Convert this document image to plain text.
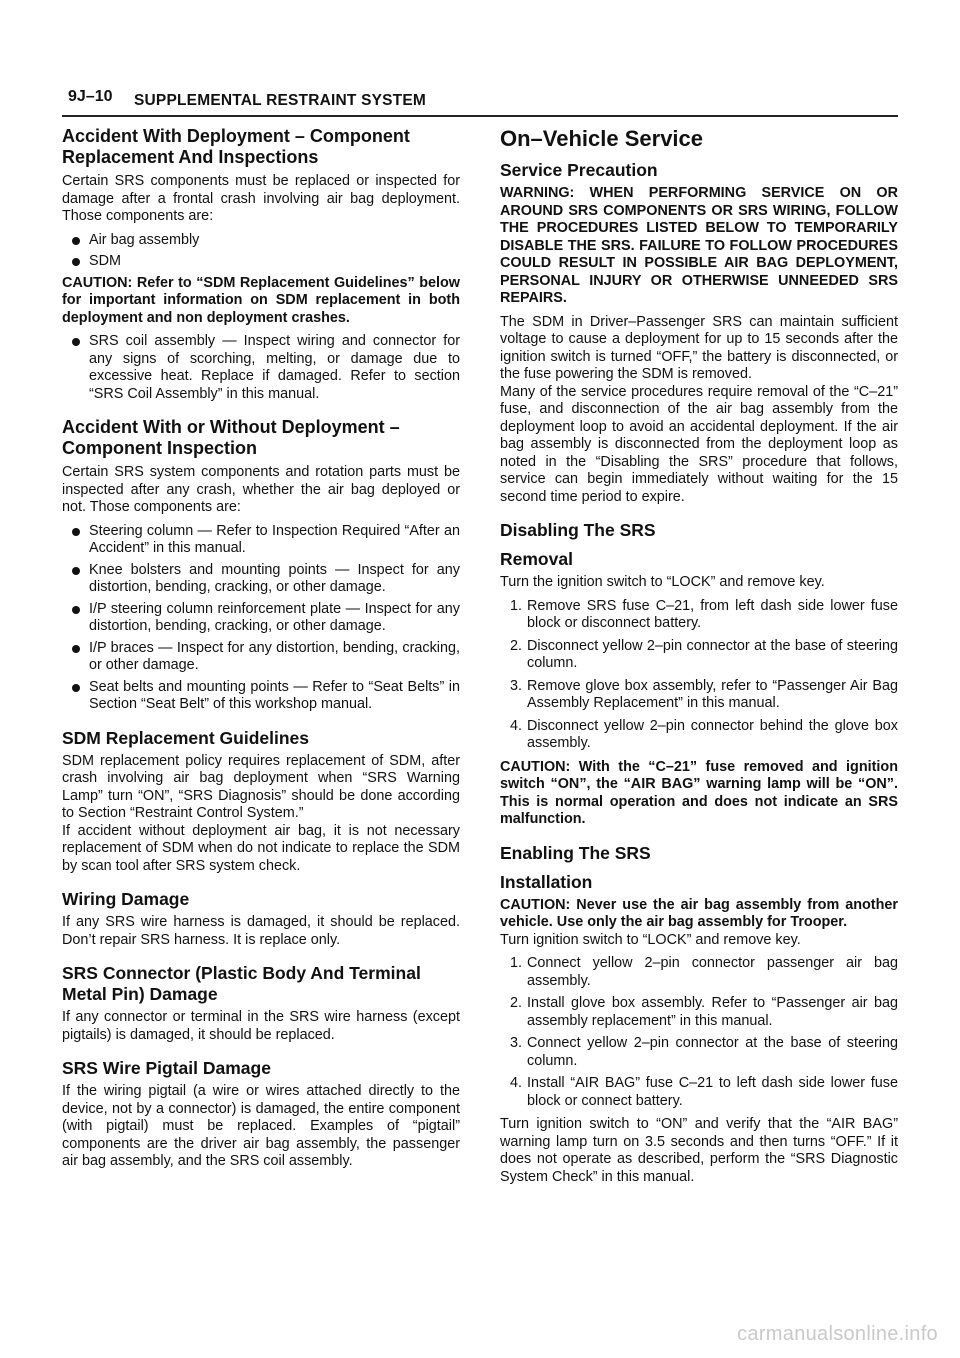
9J–10 SUPPLEMENTAL RESTRAINT SYSTEM
Accident With Deployment – Component Replacement And Inspections

Certain SRS components must be replaced or inspected for damage after a frontal crash involving air bag deployment. Those components are:

Air bag assembly
SDM

CAUTION: Refer to “SDM Replacement Guidelines” below for important information on SDM replacement in both deployment and non deployment crashes.

SRS coil assembly — Inspect wiring and connector for any signs of scorching, melting, or damage due to excessive heat. Replace if damaged. Refer to section “SRS Coil Assembly” in this manual.
Accident With or Without Deployment – Component Inspection

Certain SRS system components and rotation parts must be inspected after any crash, whether the air bag deployed or not. Those components are:

Steering column — Refer to Inspection Required “After an Accident” in this manual.
Knee bolsters and mounting points — Inspect for any distortion, bending, cracking, or other damage.
I/P steering column reinforcement plate — Inspect for any distortion, bending, cracking, or other damage.
I/P braces — Inspect for any distortion, bending, cracking, or other damage.
Seat belts and mounting points — Refer to “Seat Belts” in Section “Seat Belt” of this workshop manual.
SDM Replacement Guidelines

SDM replacement policy requires replacement of SDM, after crash involving air bag deployment when “SRS Warning Lamp” turn “ON”, “SRS Diagnosis” should be done according to Section “Restraint Control System.”

If accident without deployment air bag, it is not necessary replacement of SDM when do not indicate to replace the SDM by scan tool after SRS system check.

Wiring Damage

If any SRS wire harness is damaged, it should be replaced. Don’t repair SRS harness. It is replace only.

SRS Connector (Plastic Body And Terminal Metal Pin) Damage

If any connector or terminal in the SRS wire harness (except pigtails) is damaged, it should be replaced.

SRS Wire Pigtail Damage

If the wiring pigtail (a wire or wires attached directly to the device, not by a connector) is damaged, the entire component (with pigtail) must be replaced. Examples of “pigtail” components are the driver air bag assembly, the passenger air bag assembly, and the SRS coil assembly.

On–Vehicle Service
Service Precaution

WARNING: WHEN PERFORMING SERVICE ON OR AROUND SRS COMPONENTS OR SRS WIRING, FOLLOW THE PROCEDURES LISTED BELOW TO TEMPORARILY DISABLE THE SRS. FAILURE TO FOLLOW PROCEDURES COULD RESULT IN POSSIBLE AIR BAG DEPLOYMENT, PERSONAL INJURY OR OTHERWISE UNNEEDED SRS REPAIRS.

The SDM in Driver–Passenger SRS can maintain sufficient voltage to cause a deployment for up to 15 seconds after the ignition switch is turned “OFF,” the battery is disconnected, or the fuse powering the SDM is removed.

Many of the service procedures require removal of the “C–21” fuse, and disconnection of the air bag assembly from the deployment loop to avoid an accidental deployment. If the air bag assembly is disconnected from the deployment loop as noted in the “Disabling the SRS” procedure that follows, service can begin immediately without waiting for the 15 second time period to expire.

Disabling The SRS
Removal

Turn the ignition switch to “LOCK” and remove key.

1. Remove SRS fuse C–21, from left dash side lower fuse block or disconnect battery.
2. Disconnect yellow 2–pin connector at the base of steering column.
3. Remove glove box assembly, refer to “Passenger Air Bag Assembly Replacement” in this manual.
4. Disconnect yellow 2–pin connector behind the glove box assembly.

CAUTION: With the “C–21” fuse removed and ignition switch “ON”, the “AIR BAG” warning lamp will be “ON”. This is normal operation and does not indicate an SRS malfunction.

Enabling The SRS
Installation

CAUTION: Never use the air bag assembly from another vehicle. Use only the air bag assembly for Trooper.

Turn ignition switch to “LOCK” and remove key.

1. Connect yellow 2–pin connector passenger air bag assembly.
2. Install glove box assembly. Refer to “Passenger air bag assembly replacement” in this manual.
3. Connect yellow 2–pin connector at the base of steering column.
4. Install “AIR BAG” fuse C–21 to left dash side lower fuse block or connect battery.

Turn ignition switch to “ON” and verify that the “AIR BAG” warning lamp turn on 3.5 seconds and then turns “OFF.” If it does not operate as described, perform the “SRS Diagnostic System Check” in this manual.

carmanualsonline.info
